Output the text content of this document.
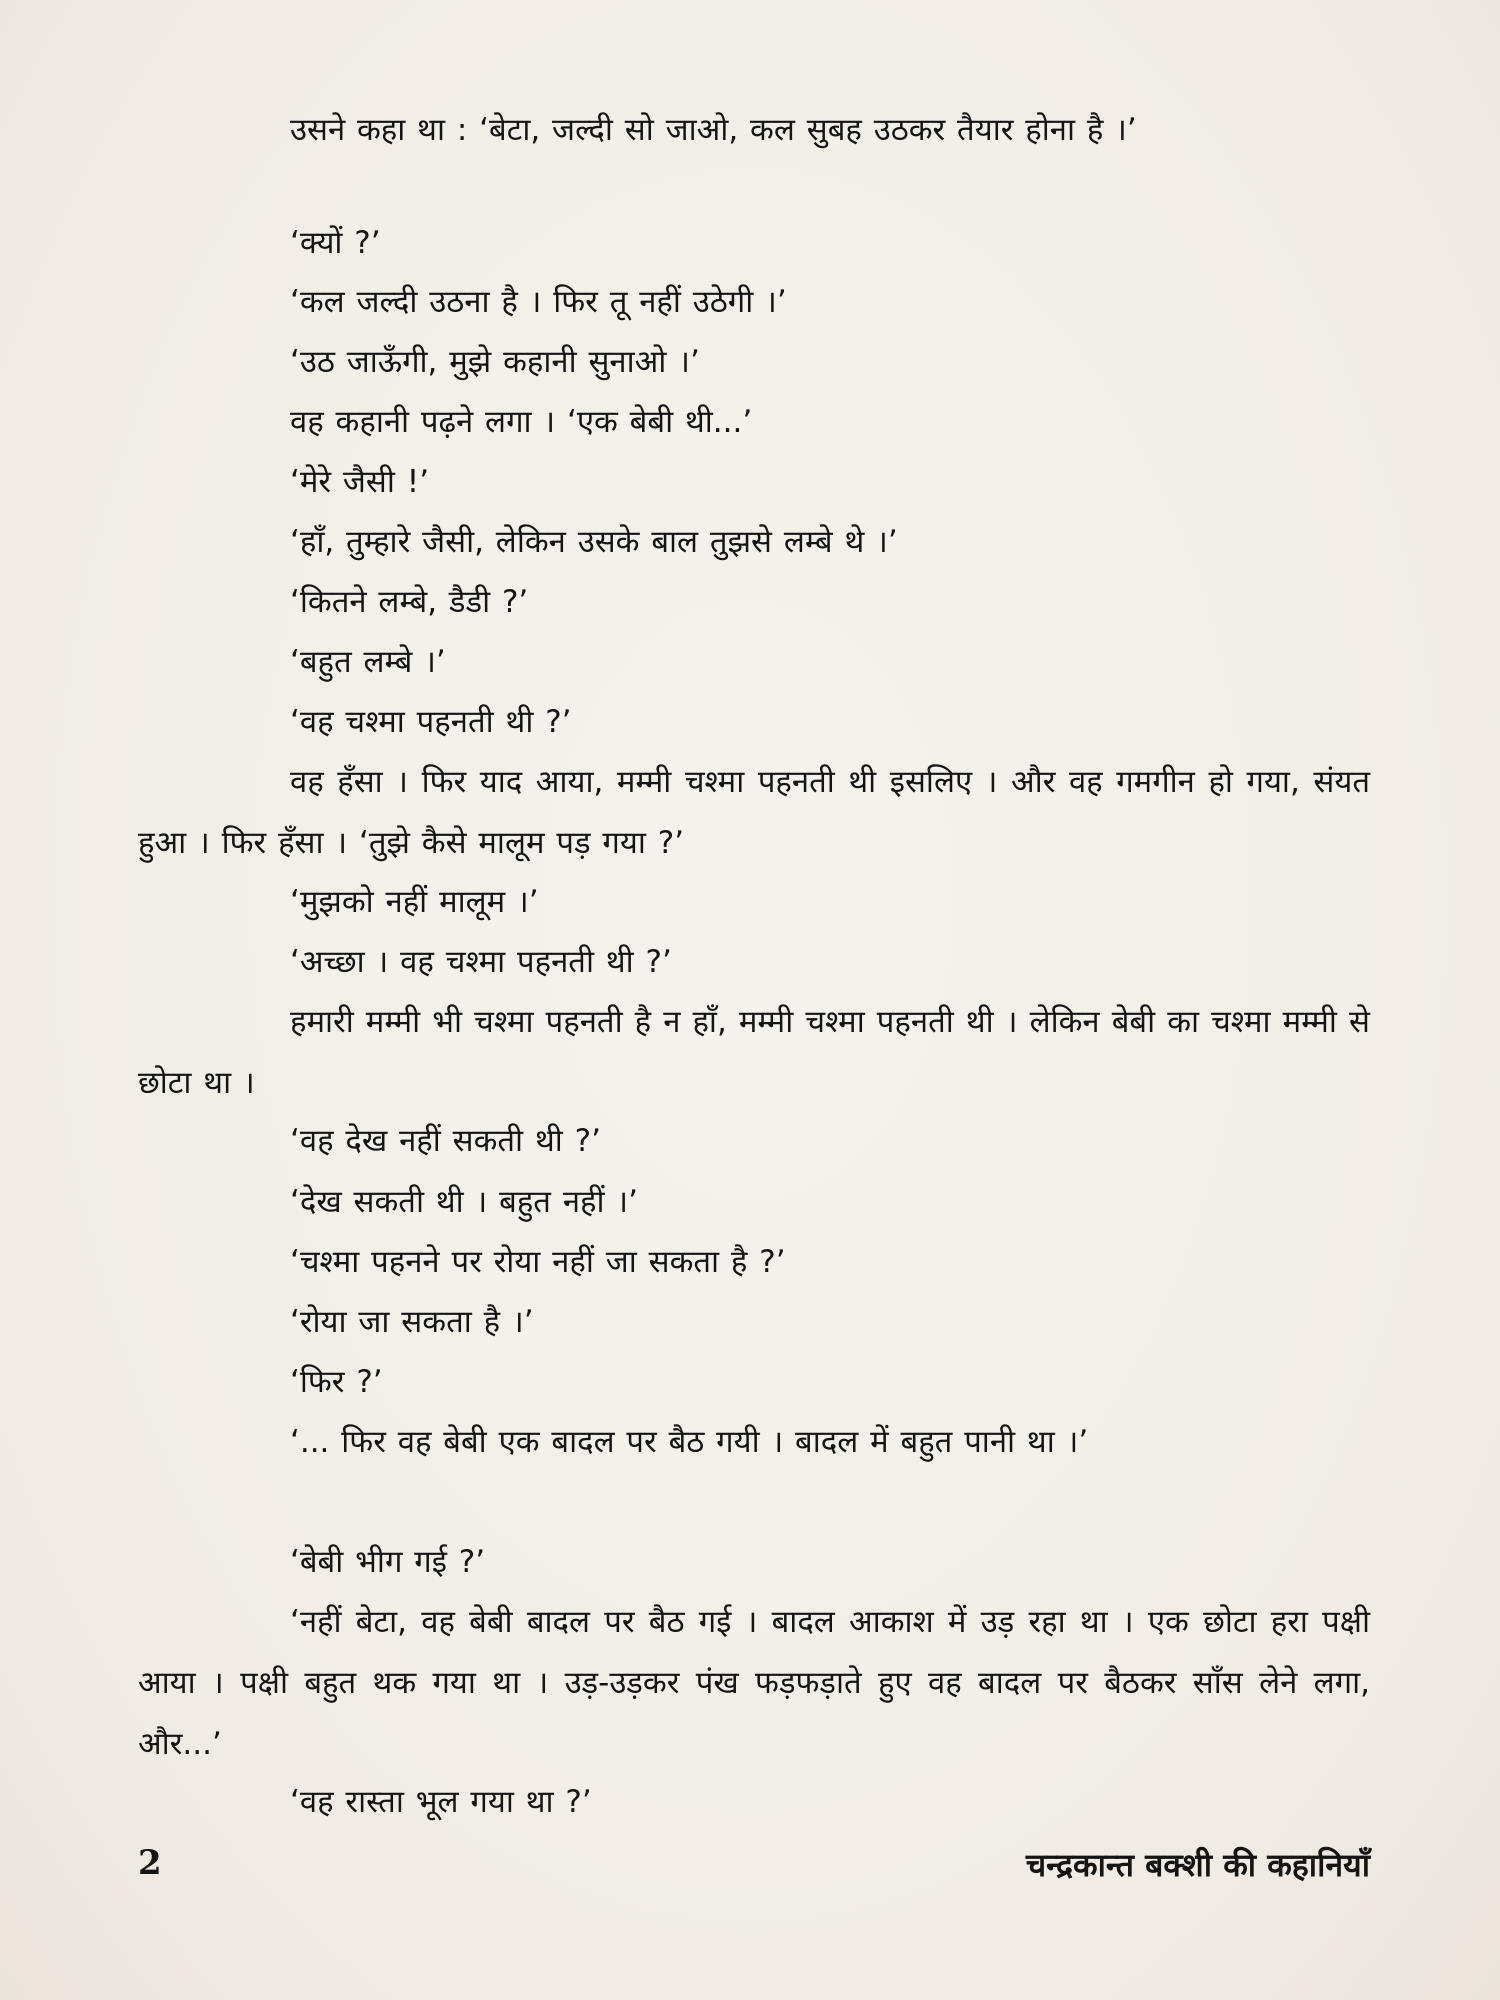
उसने कहा था : ‘बेटा, जल्दी सो जाओ, कल सुबह उठकर तैयार होना है ।’

‘क्यों ?’

‘कल जल्दी उठना है । फिर तू नहीं उठेगी ।’

‘उठ जाऊँगी, मुझे कहानी सुनाओ ।’

वह कहानी पढ़ने लगा । ‘एक बेबी थी...’

‘मेरे जैसी !’

‘हाँ, तुम्हारे जैसी, लेकिन उसके बाल तुझसे लम्बे थे ।’

‘कितने लम्बे, डैडी ?’

‘बहुत लम्बे ।’

‘वह चश्मा पहनती थी ?’

वह हँसा । फिर याद आया, मम्मी चश्मा पहनती थी इसलिए । और वह गमगीन हो गया, संयत हुआ । फिर हँसा । ‘तुझे कैसे मालूम पड़ गया ?’

‘मुझको नहीं मालूम ।’

‘अच्छा । वह चश्मा पहनती थी ?’

हमारी मम्मी भी चश्मा पहनती है न हाँ, मम्मी चश्मा पहनती थी । लेकिन बेबी का चश्मा मम्मी से छोटा था ।

‘वह देख नहीं सकती थी ?’

‘देख सकती थी । बहुत नहीं ।’

‘चश्मा पहनने पर रोया नहीं जा सकता है ?’

‘रोया जा सकता है ।’

‘फिर ?’

‘... फिर वह बेबी एक बादल पर बैठ गयी । बादल में बहुत पानी था ।’

‘बेबी भीग गई ?’

‘नहीं बेटा, वह बेबी बादल पर बैठ गई । बादल आकाश में उड़ रहा था । एक छोटा हरा पक्षी आया । पक्षी बहुत थक गया था । उड़-उड़कर पंख फड़फड़ाते हुए वह बादल पर बैठकर साँस लेने लगा, और...’

‘वह रास्ता भूल गया था ?’

2	चन्द्रकान्त बक्शी की कहानियाँ
